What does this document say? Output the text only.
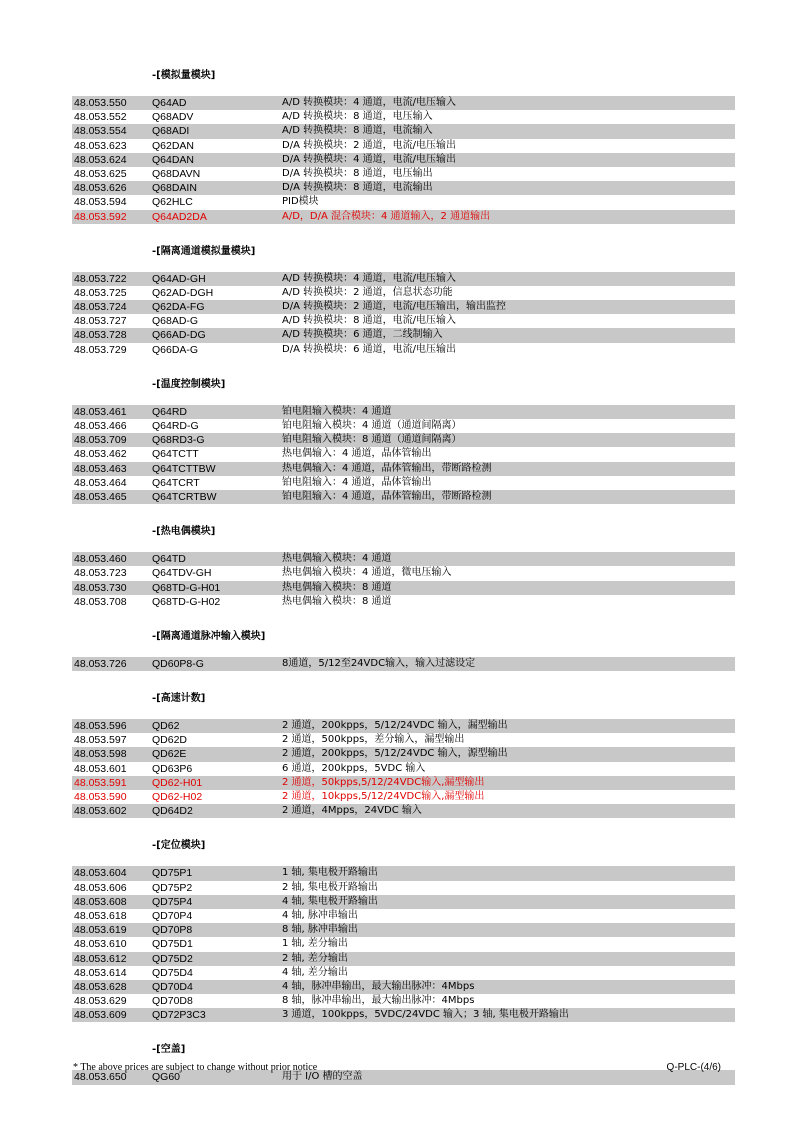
-[模拟量模块]
48.053.550	Q64AD	A/D 转换模块：4 通道，电流/电压输入
48.053.552	Q68ADV	A/D 转换模块：8 通道，电压输入
48.053.554	Q68ADI	A/D 转换模块：8 通道，电流输入
48.053.623	Q62DAN	D/A 转换模块：2 通道，电流/电压输出
48.053.624	Q64DAN	D/A 转换模块：4 通道，电流/电压输出
48.053.625	Q68DAVN	D/A 转换模块：8 通道，电压输出
48.053.626	Q68DAIN	D/A 转换模块：8 通道，电流输出
48.053.594	Q62HLC	PID模块
48.053.592	Q64AD2DA	A/D，D/A 混合模块：4 通道输入，2 通道输出
-[隔离通道模拟量模块]
48.053.722	Q64AD-GH	A/D 转换模块：4 通道，电流/电压输入
48.053.725	Q62AD-DGH	A/D 转换模块：2 通道，信息状态功能
48.053.724	Q62DA-FG	D/A 转换模块：2 通道，电流/电压输出，输出监控
48.053.727	Q68AD-G	A/D 转换模块：8 通道，电流/电压输入
48.053.728	Q66AD-DG	A/D 转换模块：6 通道，二线制输入
48.053.729	Q66DA-G	D/A 转换模块：6 通道，电流/电压输出
-[温度控制模块]
48.053.461	Q64RD	铂电阻输入模块：4 通道
48.053.466	Q64RD-G	铂电阻输入模块：4 通道（通道间隔离）
48.053.709	Q68RD3-G	铂电阻输入模块：8 通道（通道间隔离）
48.053.462	Q64TCTT	热电偶输入：4 通道，晶体管输出
48.053.463	Q64TCTTBW	热电偶输入：4 通道，晶体管输出，带断路检测
48.053.464	Q64TCRT	铂电阻输入：4 通道，晶体管输出
48.053.465	Q64TCRTBW	铂电阻输入：4 通道，晶体管输出，带断路检测
-[热电偶模块]
48.053.460	Q64TD	热电偶输入模块：4 通道
48.053.723	Q64TDV-GH	热电偶输入模块：4 通道，微电压输入
48.053.730	Q68TD-G-H01	热电偶输入模块：8 通道
48.053.708	Q68TD-G-H02	热电偶输入模块：8 通道
-[隔离通道脉冲输入模块]
48.053.726	QD60P8-G	8通道，5/12至24VDC输入，输入过滤设定
-[高速计数]
48.053.596	QD62	2 通道，200kpps，5/12/24VDC 输入，漏型输出
48.053.597	QD62D	2 通道，500kpps，差分输入，漏型输出
48.053.598	QD62E	2 通道，200kpps，5/12/24VDC 输入，源型输出
48.053.601	QD63P6	6 通道，200kpps，5VDC 输入
48.053.591	QD62-H01	2 通道，50kpps,5/12/24VDC输入,漏型输出
48.053.590	QD62-H02	2 通道，10kpps,5/12/24VDC输入,漏型输出
48.053.602	QD64D2	2 通道，4Mpps，24VDC 输入
-[定位模块]
48.053.604	QD75P1	1 轴, 集电极开路输出
48.053.606	QD75P2	2 轴, 集电极开路输出
48.053.608	QD75P4	4 轴, 集电极开路输出
48.053.618	QD70P4	4 轴, 脉冲串输出
48.053.619	QD70P8	8 轴, 脉冲串输出
48.053.610	QD75D1	1 轴, 差分输出
48.053.612	QD75D2	2 轴, 差分输出
48.053.614	QD75D4	4 轴, 差分输出
48.053.628	QD70D4	4 轴，脉冲串输出，最大输出脉冲：4Mbps
48.053.629	QD70D8	8 轴，脉冲串输出，最大输出脉冲：4Mbps
48.053.609	QD72P3C3	3 通道，100kpps，5VDC/24VDC 输入；3 轴, 集电极开路输出
-[空盖]
48.053.650	QG60	用于 I/O 槽的空盖
* The above prices are subject to change without prior notice	Q-PLC-(4/6)
